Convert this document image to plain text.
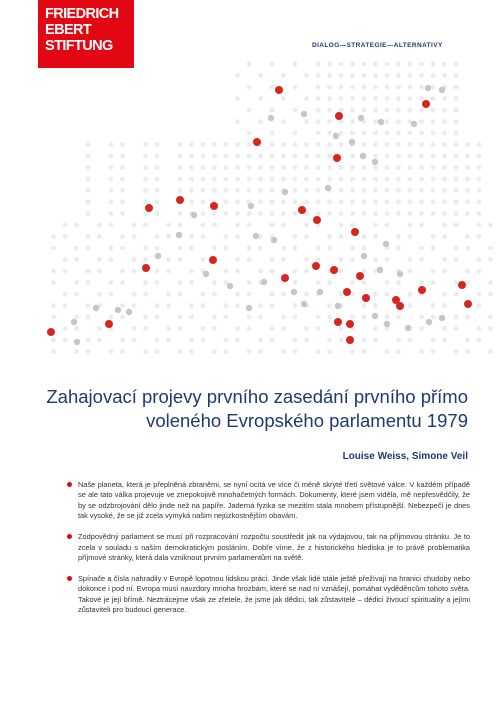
FRIEDRICH
EBERT
STIFTUNG	DIALOG—STRATEGIE—ALTERNATIVY
Zahajovací projevy prvního zasedání prvního přímo voleného Evropského parlamentu 1979
Louise Weiss, Simone Veil
Naše planeta, která je přeplněná zbraněmi, se nyní ocitá ve více či méně skryté třetí světové válce. V každém případě se ale tato válka projevuje ve znepokojivě mnohačetných formách. Dokumenty, které jsem viděla, mě nepřesvědčily, že by se odzbrojování dělo jinde než na papíře. Jaderná fyzika se mezitím stala mnohem přístupnější. Nebezpečí je dnes tak vysoké, že se již zcela vymyká našim nejúzkostnějším obavám.
Zodpovědný parlament se musí při rozpracování rozpočtu soustředit jak na výdajovou, tak na příjmovou stránku. Je to zcela v souladu s naším demokratickým posláním. Dobře víme, že z historického hlediska je to právě problematika příjmové stránky, která dala vzniknout prvním parlamentům na světě.
Spínače a čísla nahradily v Evropě lopotnou lidskou práci. Jinde však lidé stále ještě přežívají na hranici chudoby nebo dokonce i pod ní. Evropa musí navzdory mnoha hrozbám, které se nad ní vznášejí, pomáhat vyděděncům tohoto světa. Takové je její břímě. Neztrácejme však ze zřetele, že jsme jak dědici, tak zůstavitelé – dědici živoucí spirituality a jejími zůstaviteli pro budoucí generace.
